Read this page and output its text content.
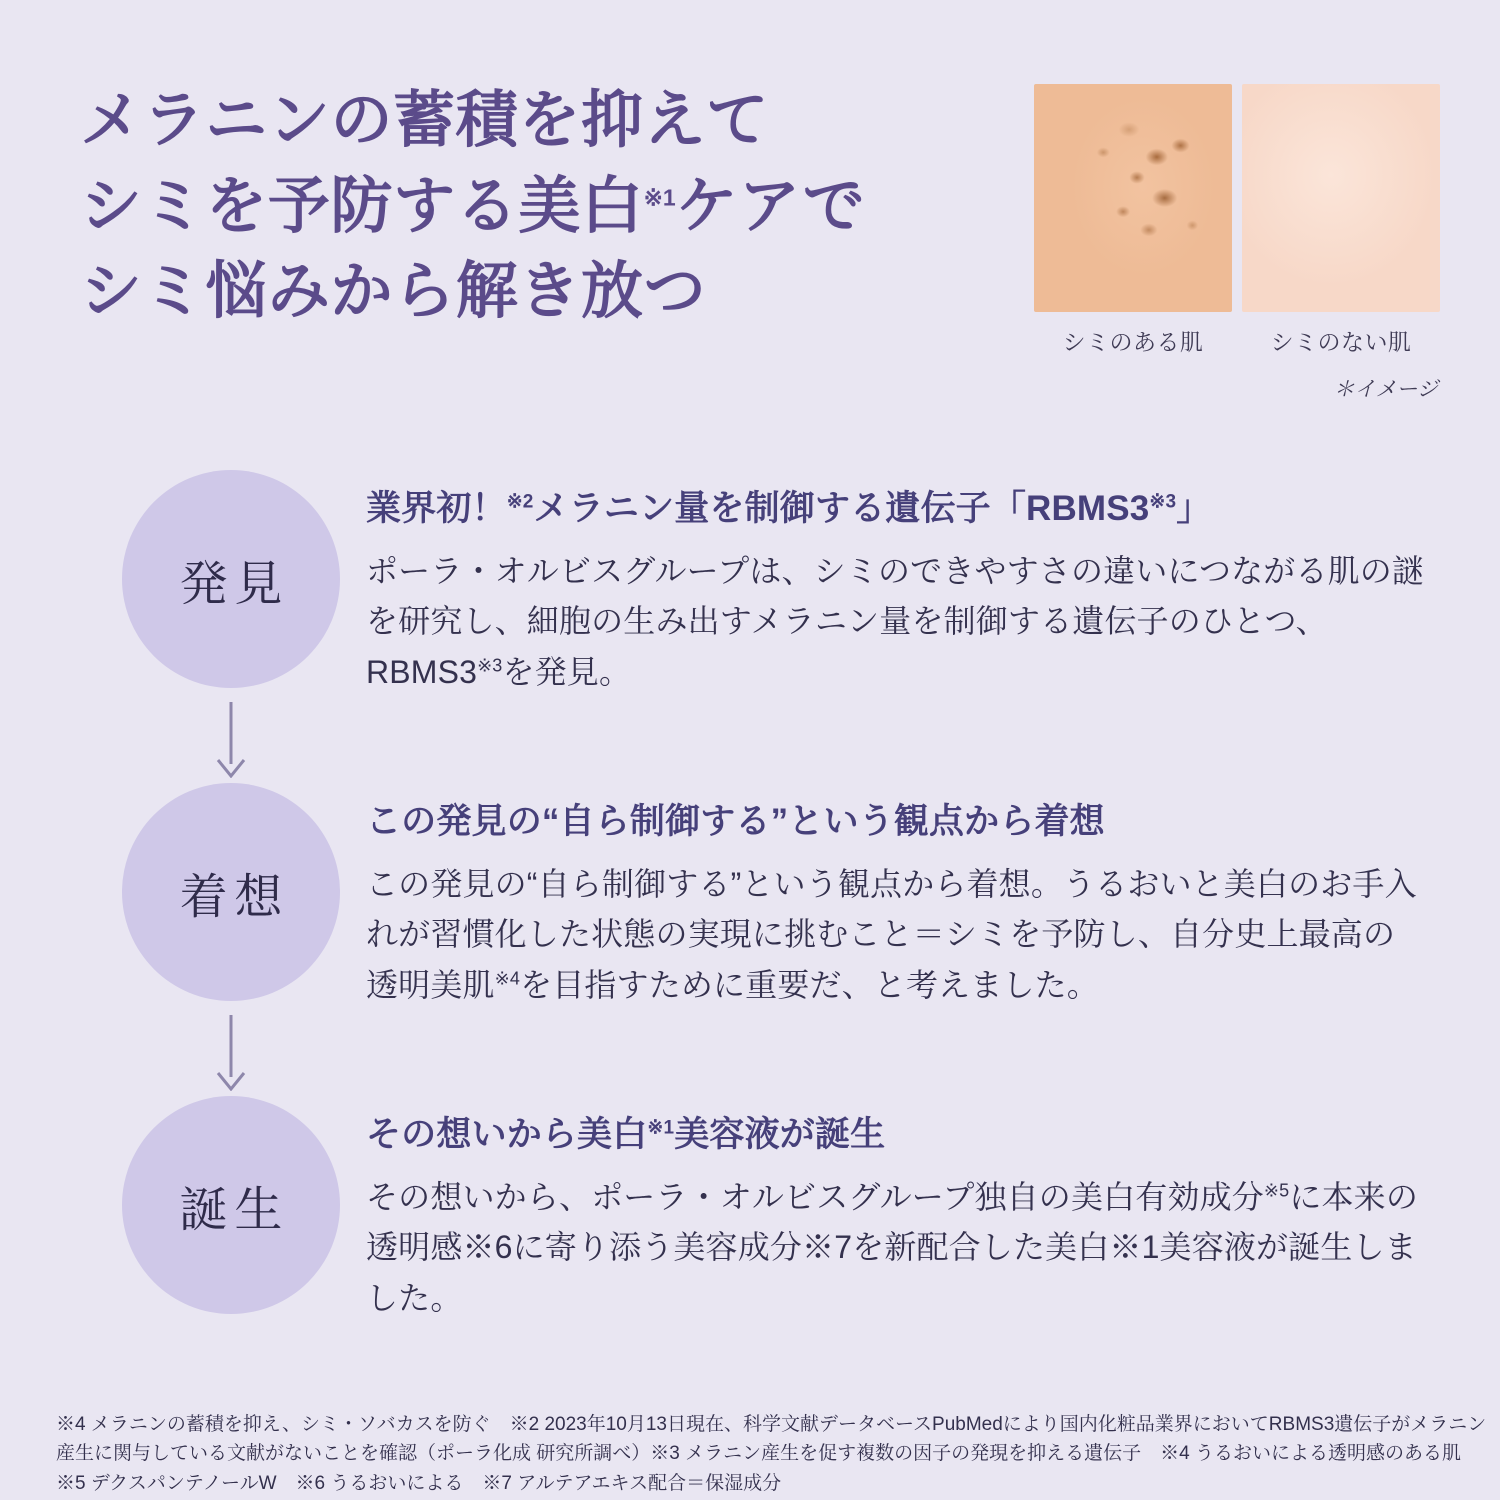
メラニンの蓄積を抑えて
シミを予防する美白$^{※1}$ケアで
シミ悩みから解き放つ
シミのある肌	シミのない肌
＊イメージ
発見

業界初！$^{※2}$メラニン量を制御する遺伝子「RBMS3$^{※3}$」

ポーラ・オルビスグループは、シミのできやすさの違いにつながる肌の謎を研究し、細胞の生み出すメラニン量を制御する遺伝子のひとつ、RBMS3$^{※3}$を発見。

着想

この発見の“自ら制御する”という観点から着想

この発見の“自ら制御する”という観点から着想。うるおいと美白のお手入れが習慣化した状態の実現に挑むこと＝シミを予防し、自分史上最高の透明美肌$^{※4}$を目指すために重要だ、と考えました。

誕生

その想いから美白$^{※1}$美容液が誕生

その想いから、ポーラ・オルビスグループ独自の美白有効成分$^{※5}$に本来の透明感※6に寄り添う美容成分※7を新配合した美白※1美容液が誕生しました。

※4 メラニンの蓄積を抑え、シミ・ソバカスを防ぐ　※2 2023年10月13日現在、科学文献データベースPubMedにより国内化粧品業界においてRBMS3遺伝子がメラニン
産生に関与している文献がないことを確認（ポーラ化成 研究所調べ）※3 メラニン産生を促す複数の因子の発現を抑える遺伝子　※4 うるおいによる透明感のある肌
※5 デクスパンテノールW　※6 うるおいによる　※7 アルテアエキス配合＝保湿成分
